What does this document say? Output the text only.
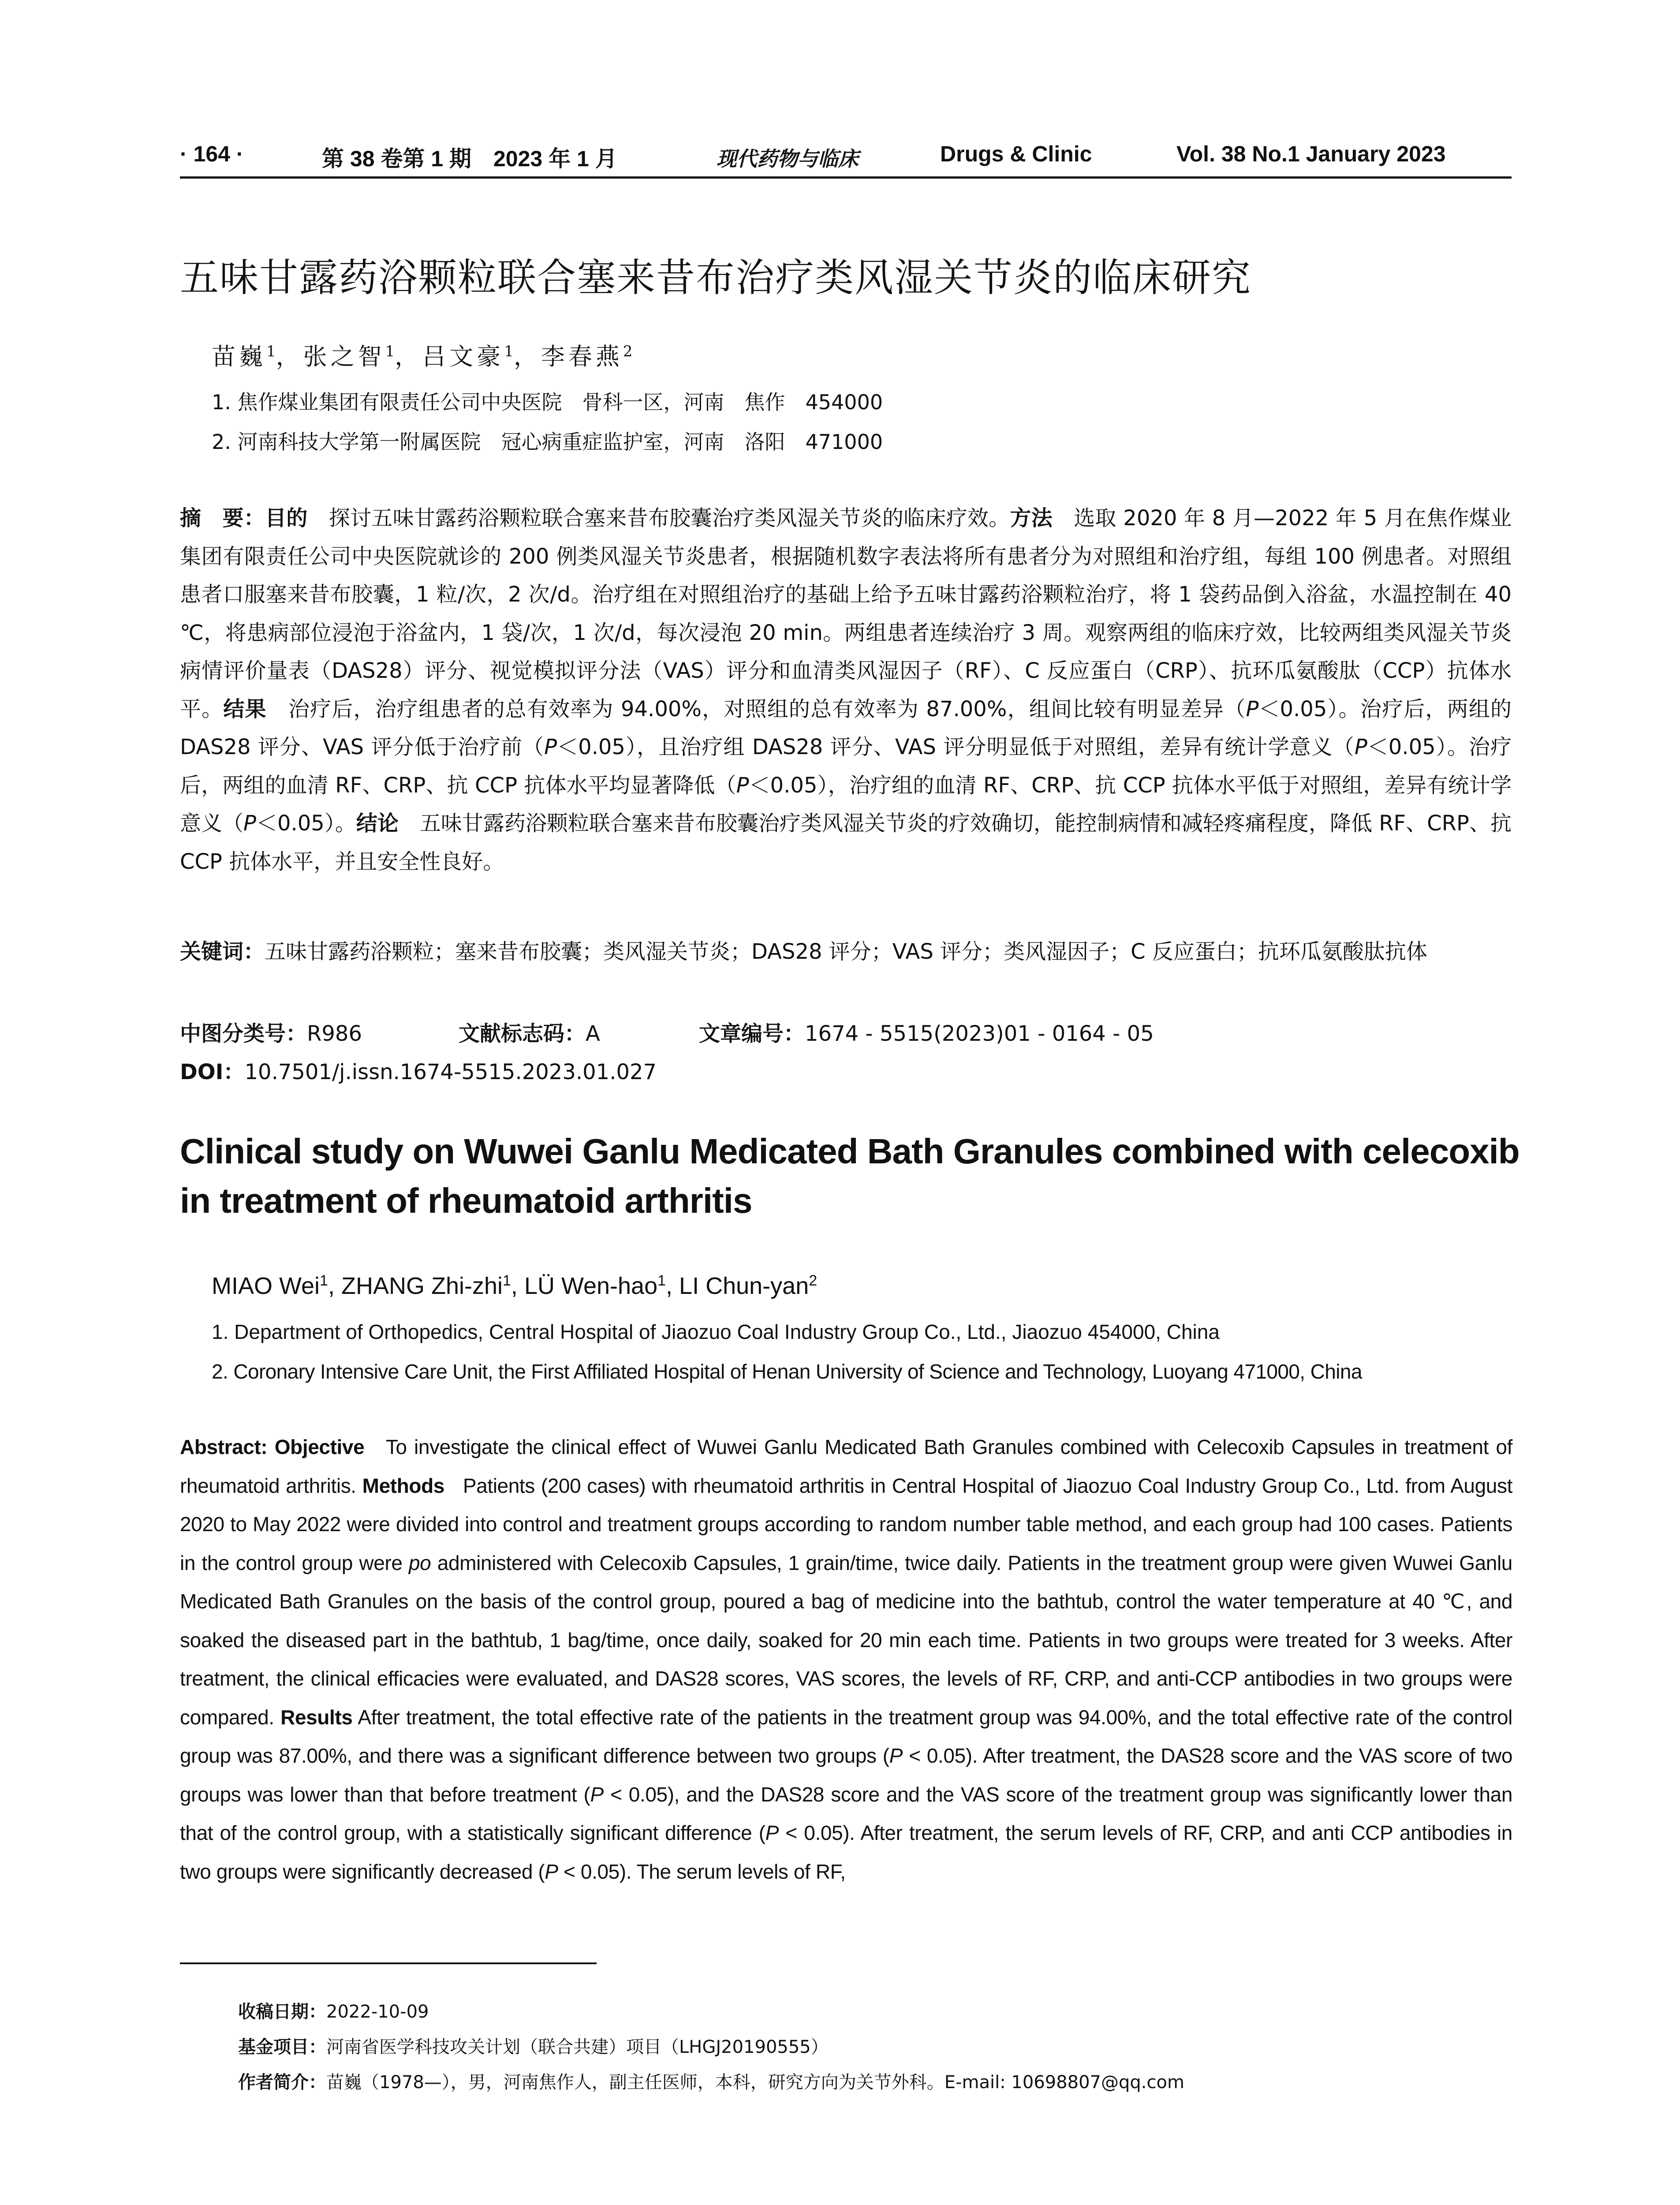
· 164 ·	第 38 卷第 1 期　2023 年 1 月	现代药物与临床	Drugs & Clinic	Vol. 38 No.1 January 2023
五味甘露药浴颗粒联合塞来昔布治疗类风湿关节炎的临床研究
苗巍$^1$，张之智$^1$，吕文豪$^1$，李春燕$^2$
1. 焦作煤业集团有限责任公司中央医院　骨科一区，河南　焦作　454000
2. 河南科技大学第一附属医院　冠心病重症监护室，河南　洛阳　471000
摘　要：目的　探讨五味甘露药浴颗粒联合塞来昔布胶囊治疗类风湿关节炎的临床疗效。方法　选取 2020 年 8 月—2022 年 5 月在焦作煤业集团有限责任公司中央医院就诊的 200 例类风湿关节炎患者，根据随机数字表法将所有患者分为对照组和治疗组，每组 100 例患者。对照组患者口服塞来昔布胶囊，1 粒/次，2 次/d。治疗组在对照组治疗的基础上给予五味甘露药浴颗粒治疗，将 1 袋药品倒入浴盆，水温控制在 40 ℃，将患病部位浸泡于浴盆内，1 袋/次，1 次/d，每次浸泡 20 min。两组患者连续治疗 3 周。观察两组的临床疗效，比较两组类风湿关节炎病情评价量表（DAS28）评分、视觉模拟评分法（VAS）评分和血清类风湿因子（RF）、C 反应蛋白（CRP）、抗环瓜氨酸肽（CCP）抗体水平。结果　治疗后，治疗组患者的总有效率为 94.00%，对照组的总有效率为 87.00%，组间比较有明显差异（P＜0.05）。治疗后，两组的 DAS28 评分、VAS 评分低于治疗前（P＜0.05），且治疗组 DAS28 评分、VAS 评分明显低于对照组，差异有统计学意义（P＜0.05）。治疗后，两组的血清 RF、CRP、抗 CCP 抗体水平均显著降低（P＜0.05），治疗组的血清 RF、CRP、抗 CCP 抗体水平低于对照组，差异有统计学意义（P＜0.05）。结论　五味甘露药浴颗粒联合塞来昔布胶囊治疗类风湿关节炎的疗效确切，能控制病情和减轻疼痛程度，降低 RF、CRP、抗 CCP 抗体水平，并且安全性良好。
关键词：五味甘露药浴颗粒；塞来昔布胶囊；类风湿关节炎；DAS28 评分；VAS 评分；类风湿因子；C 反应蛋白；抗环瓜氨酸肽抗体
中图分类号：R986	文献标志码：A	文章编号：1674 - 5515(2023)01 - 0164 - 05
DOI：10.7501/j.issn.1674-5515.2023.01.027
Clinical study on Wuwei Ganlu Medicated Bath Granules combined with celecoxib
in treatment of rheumatoid arthritis
MIAO Wei$^1$, ZHANG Zhi-zhi$^1$, LÜ Wen-hao$^1$, LI Chun-yan$^2$
1. Department of Orthopedics, Central Hospital of Jiaozuo Coal Industry Group Co., Ltd., Jiaozuo 454000, China
2. Coronary Intensive Care Unit, the First Affiliated Hospital of Henan University of Science and Technology, Luoyang 471000, China
Abstract: Objective To investigate the clinical effect of Wuwei Ganlu Medicated Bath Granules combined with Celecoxib Capsules in treatment of rheumatoid arthritis. Methods Patients (200 cases) with rheumatoid arthritis in Central Hospital of Jiaozuo Coal Industry Group Co., Ltd. from August 2020 to May 2022 were divided into control and treatment groups according to random number table method, and each group had 100 cases. Patients in the control group were po administered with Celecoxib Capsules, 1 grain/time, twice daily. Patients in the treatment group were given Wuwei Ganlu Medicated Bath Granules on the basis of the control group, poured a bag of medicine into the bathtub, control the water temperature at 40 ℃, and soaked the diseased part in the bathtub, 1 bag/time, once daily, soaked for 20 min each time. Patients in two groups were treated for 3 weeks. After treatment, the clinical efficacies were evaluated, and DAS28 scores, VAS scores, the levels of RF, CRP, and anti-CCP antibodies in two groups were compared. Results After treatment, the total effective rate of the patients in the treatment group was 94.00%, and the total effective rate of the control group was 87.00%, and there was a significant difference between two groups (P < 0.05). After treatment, the DAS28 score and the VAS score of two groups was lower than that before treatment (P < 0.05), and the DAS28 score and the VAS score of the treatment group was significantly lower than that of the control group, with a statistically significant difference (P < 0.05). After treatment, the serum levels of RF, CRP, and anti CCP antibodies in two groups were significantly decreased (P < 0.05). The serum levels of RF,
收稿日期：2022-10-09
基金项目：河南省医学科技攻关计划（联合共建）项目（LHGJ20190555）
作者简介：苗巍（1978—），男，河南焦作人，副主任医师，本科，研究方向为关节外科。E-mail: 10698807@qq.com
